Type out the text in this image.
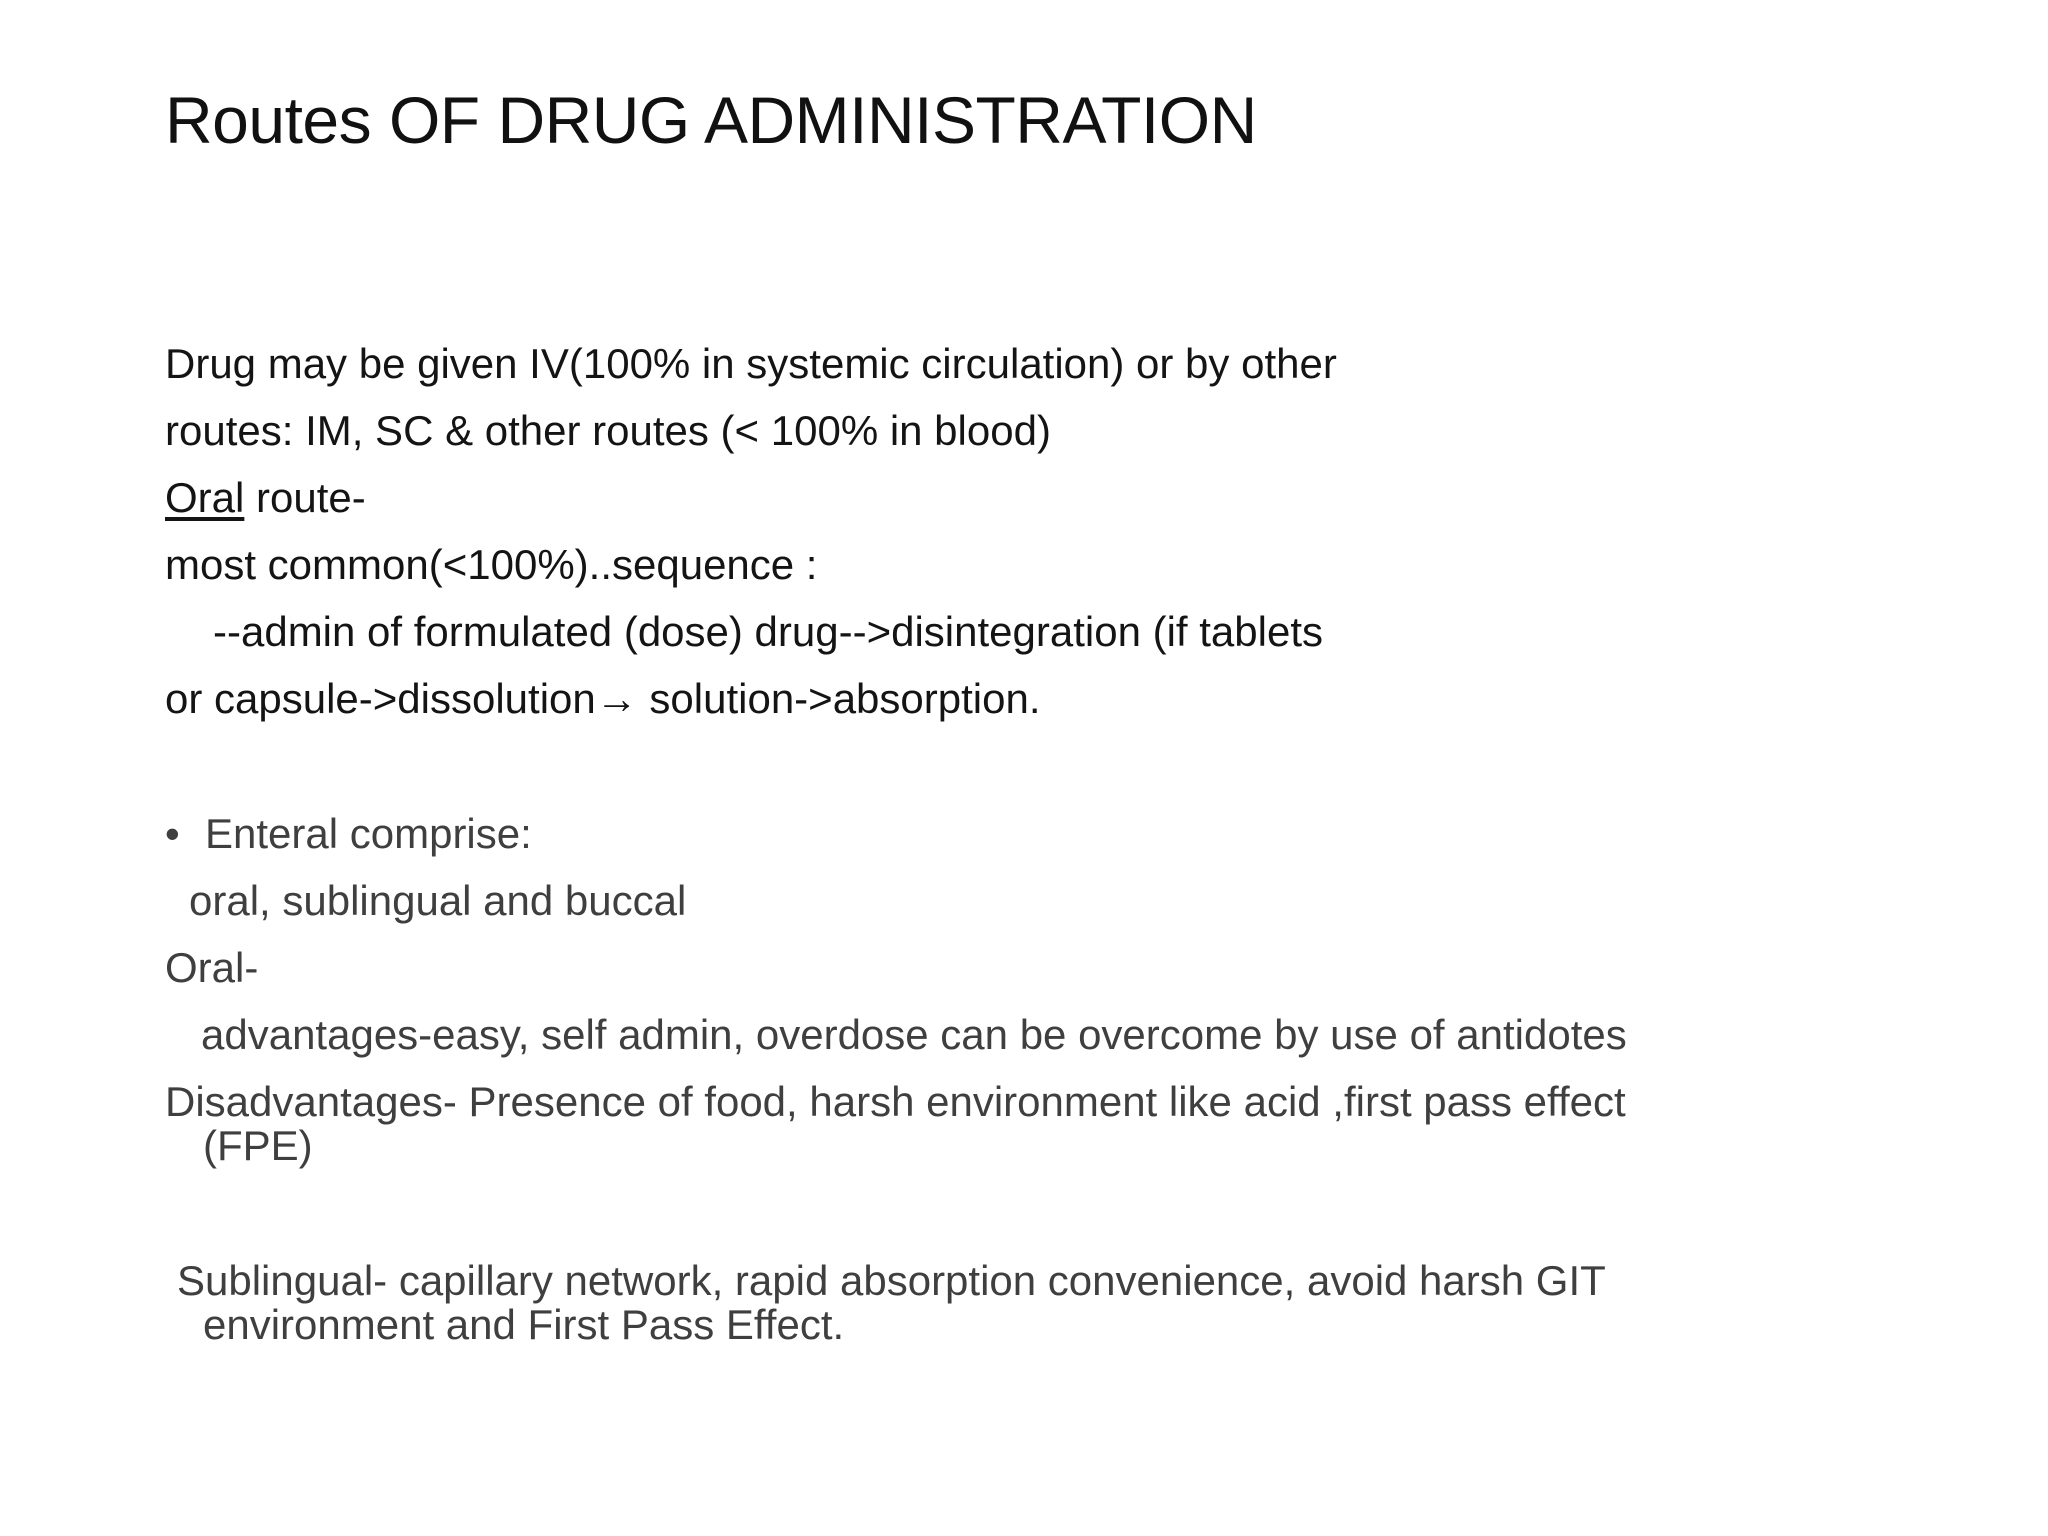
Routes OF DRUG ADMINISTRATION
Drug may be given IV(100% in systemic circulation) or by other
routes: IM, SC & other routes (< 100% in blood)
Oral route-
most common(<100%)..sequence :
--admin of formulated (dose) drug-->disintegration (if tablets
or capsule->dissolution→ solution->absorption.
• Enteral comprise:
oral, sublingual and buccal
Oral-
advantages-easy, self admin, overdose can be overcome by use of antidotes
Disadvantages- Presence of food, harsh environment like acid ,first pass effect
(FPE)
Sublingual- capillary network, rapid absorption convenience, avoid harsh GIT
environment and First Pass Effect.
